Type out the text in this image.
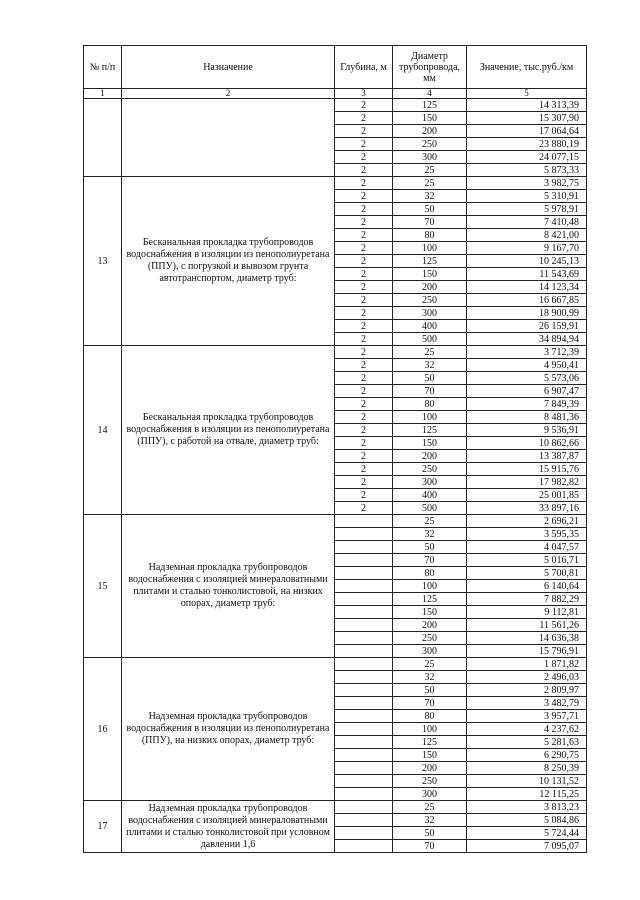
№ п/п	Назначение	Глубина, м	Диаметр трубопровода, мм	Значение, тыс.руб./км
1	2	3	4	5
		2	125	14 313,39
		2	150	15 307,90
		2	200	17 064,64
		2	250	23 880,19
		2	300	24 077,15
		2	25	5 873,33
13	Бесканальная прокладка трубопроводов водоснабжения в изоляции из пенополиуретана (ППУ), с погрузкой и вывозом грунта автотранспортом, диаметр труб:	2	25	3 982,75
		2	32	5 310,91
		2	50	5 978,91
		2	70	7 410,48
		2	80	8 421,00
		2	100	9 167,70
		2	125	10 245,13
		2	150	11 543,69
		2	200	14 123,34
		2	250	16 667,85
		2	300	18 900,99
		2	400	26 159,91
		2	500	34 894,94
14	Бесканальная прокладка трубопроводов водоснабжения в изоляции из пенополиуретана (ППУ), с работой на отвале, диаметр труб:	2	25	3 712,39
		2	32	4 950,41
		2	50	5 573,06
		2	70	6 907,47
		2	80	7 849,39
		2	100	8 481,36
		2	125	9 536,91
		2	150	10 862,66
		2	200	13 387,87
		2	250	15 915,76
		2	300	17 982,82
		2	400	25 001,85
		2	500	33 897,16
15	Надземная прокладка трубопроводов водоснабжения с изоляцией минераловатными плитами и сталью тонколистовой, на низких опорах, диаметр труб:		25	2 696,21
			32	3 595,35
			50	4 047,57
			70	5 016,71
			80	5 700,81
			100	6 140,64
			125	7 882,29
			150	9 112,81
			200	11 561,26
			250	14 636,38
			300	15 796,91
16	Надземная прокладка трубопроводов водоснабжения в изоляции из пенополиуретана (ППУ), на низких опорах, диаметр труб:		25	1 871,82
			32	2 496,03
			50	2 809,97
			70	3 482,79
			80	3 957,71
			100	4 237,62
			125	5 281,63
			150	6 290,75
			200	8 250,39
			250	10 131,52
			300	12 115,25
17	Надземная прокладка трубопроводов водоснабжения с изоляцией минераловатными плитами и сталью тонколистовой при условном давлении 1,6		25	3 813,23
			32	5 084,86
			50	5 724,44
			70	7 095,07
